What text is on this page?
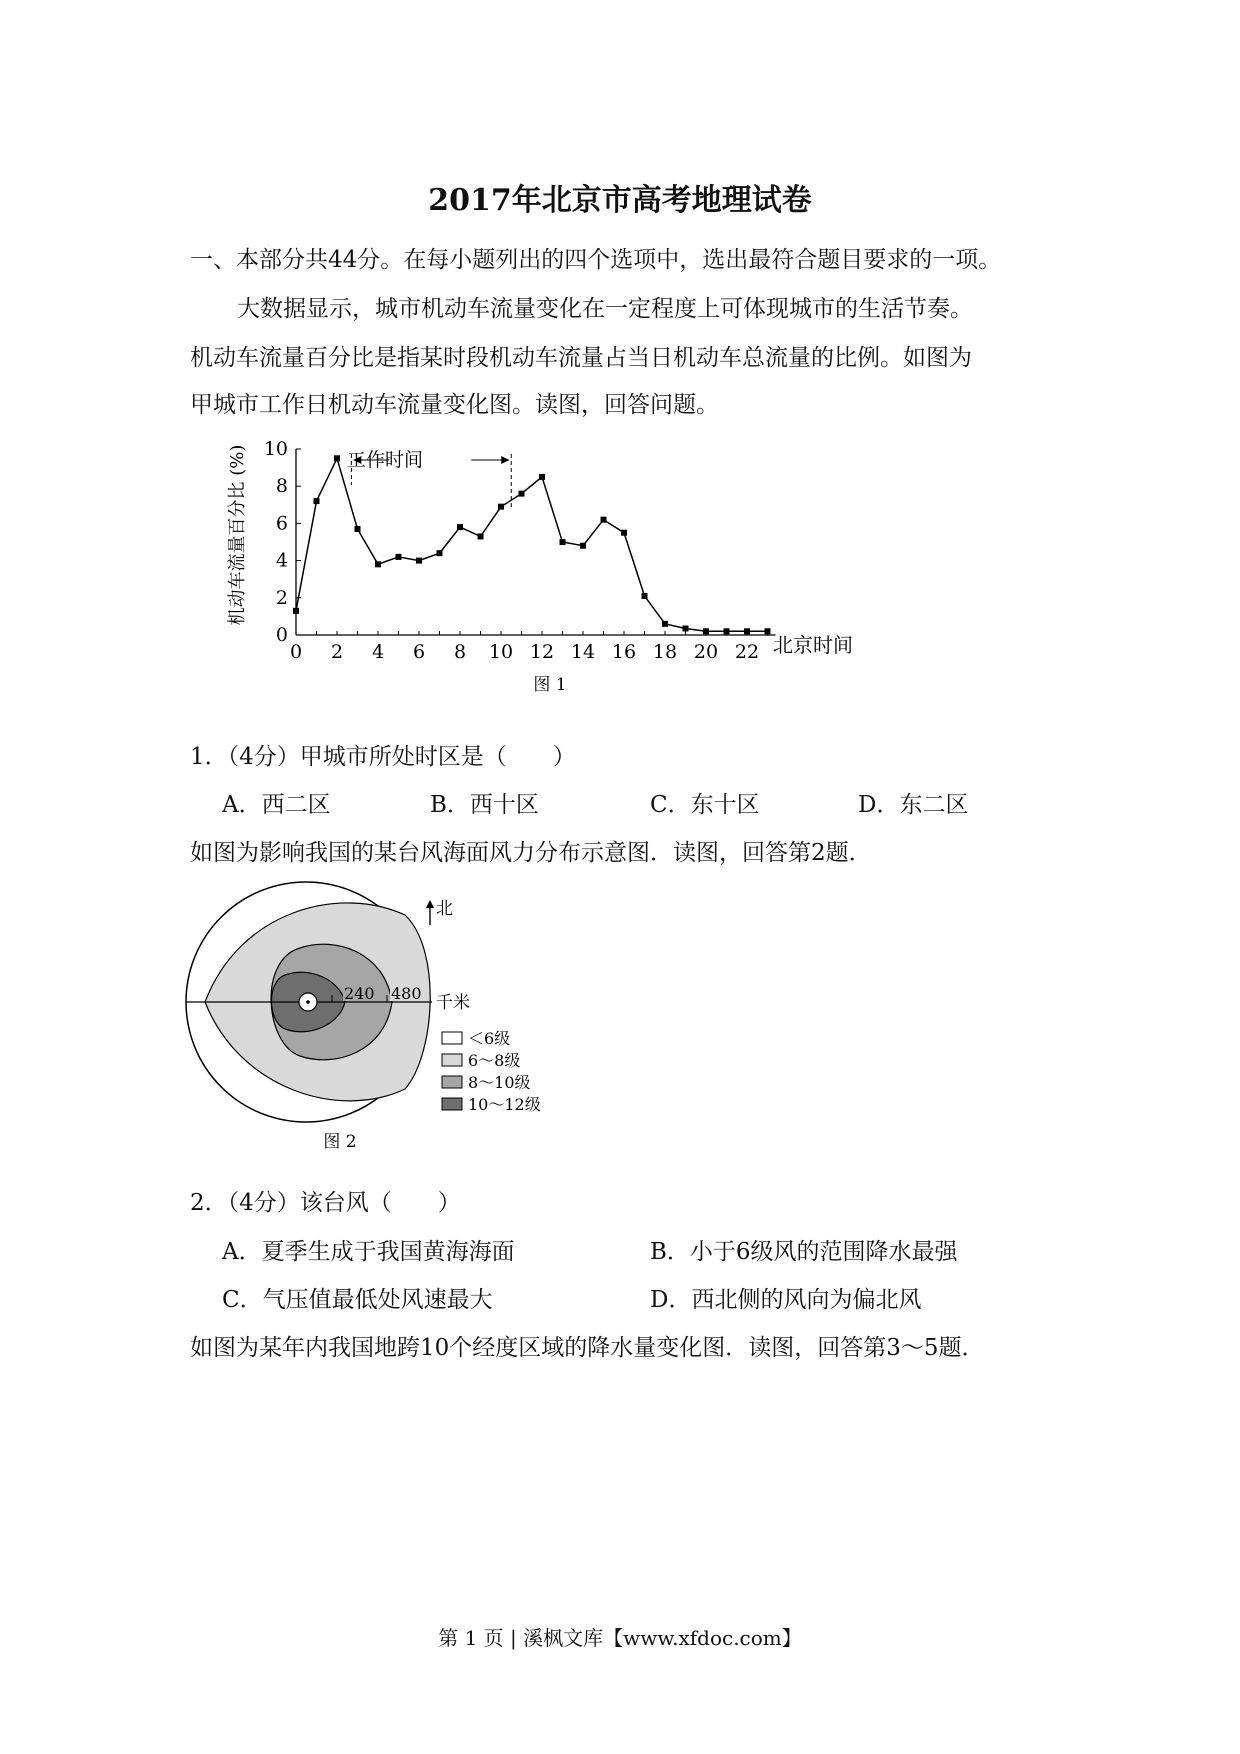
2017年北京市高考地理试卷
一、本部分共44分。在每小题列出的四个选项中，选出最符合题目要求的一项。
大数据显示，城市机动车流量变化在一定程度上可体现城市的生活节奏。
机动车流量百分比是指某时段机动车流量占当日机动车总流量的比例。如图为
甲城市工作日机动车流量变化图。读图，回答问题。
0
2
4
6
8
10
0 2 4 6 8 10 12 14 16 18 20 22
机动车流量百分比 (%)
北京时间
工作时间
图 1
1．（4分）甲城市所处时区是（　　）
A．西二区	B．西十区	C．东十区	D．东二区
如图为影响我国的某台风海面风力分布示意图．读图，回答第2题．
240 480 千米
北
＜6级
6～8级
8～10级
10～12级
图 2
2．（4分）该台风（　　）
A．夏季生成于我国黄海海面	B．小于6级风的范围降水最强
C．气压值最低处风速最大	D．西北侧的风向为偏北风
如图为某年内我国地跨10个经度区域的降水量变化图．读图，回答第3～5题．
第 1 页 | 溪枫文库【www.xfdoc.com】
